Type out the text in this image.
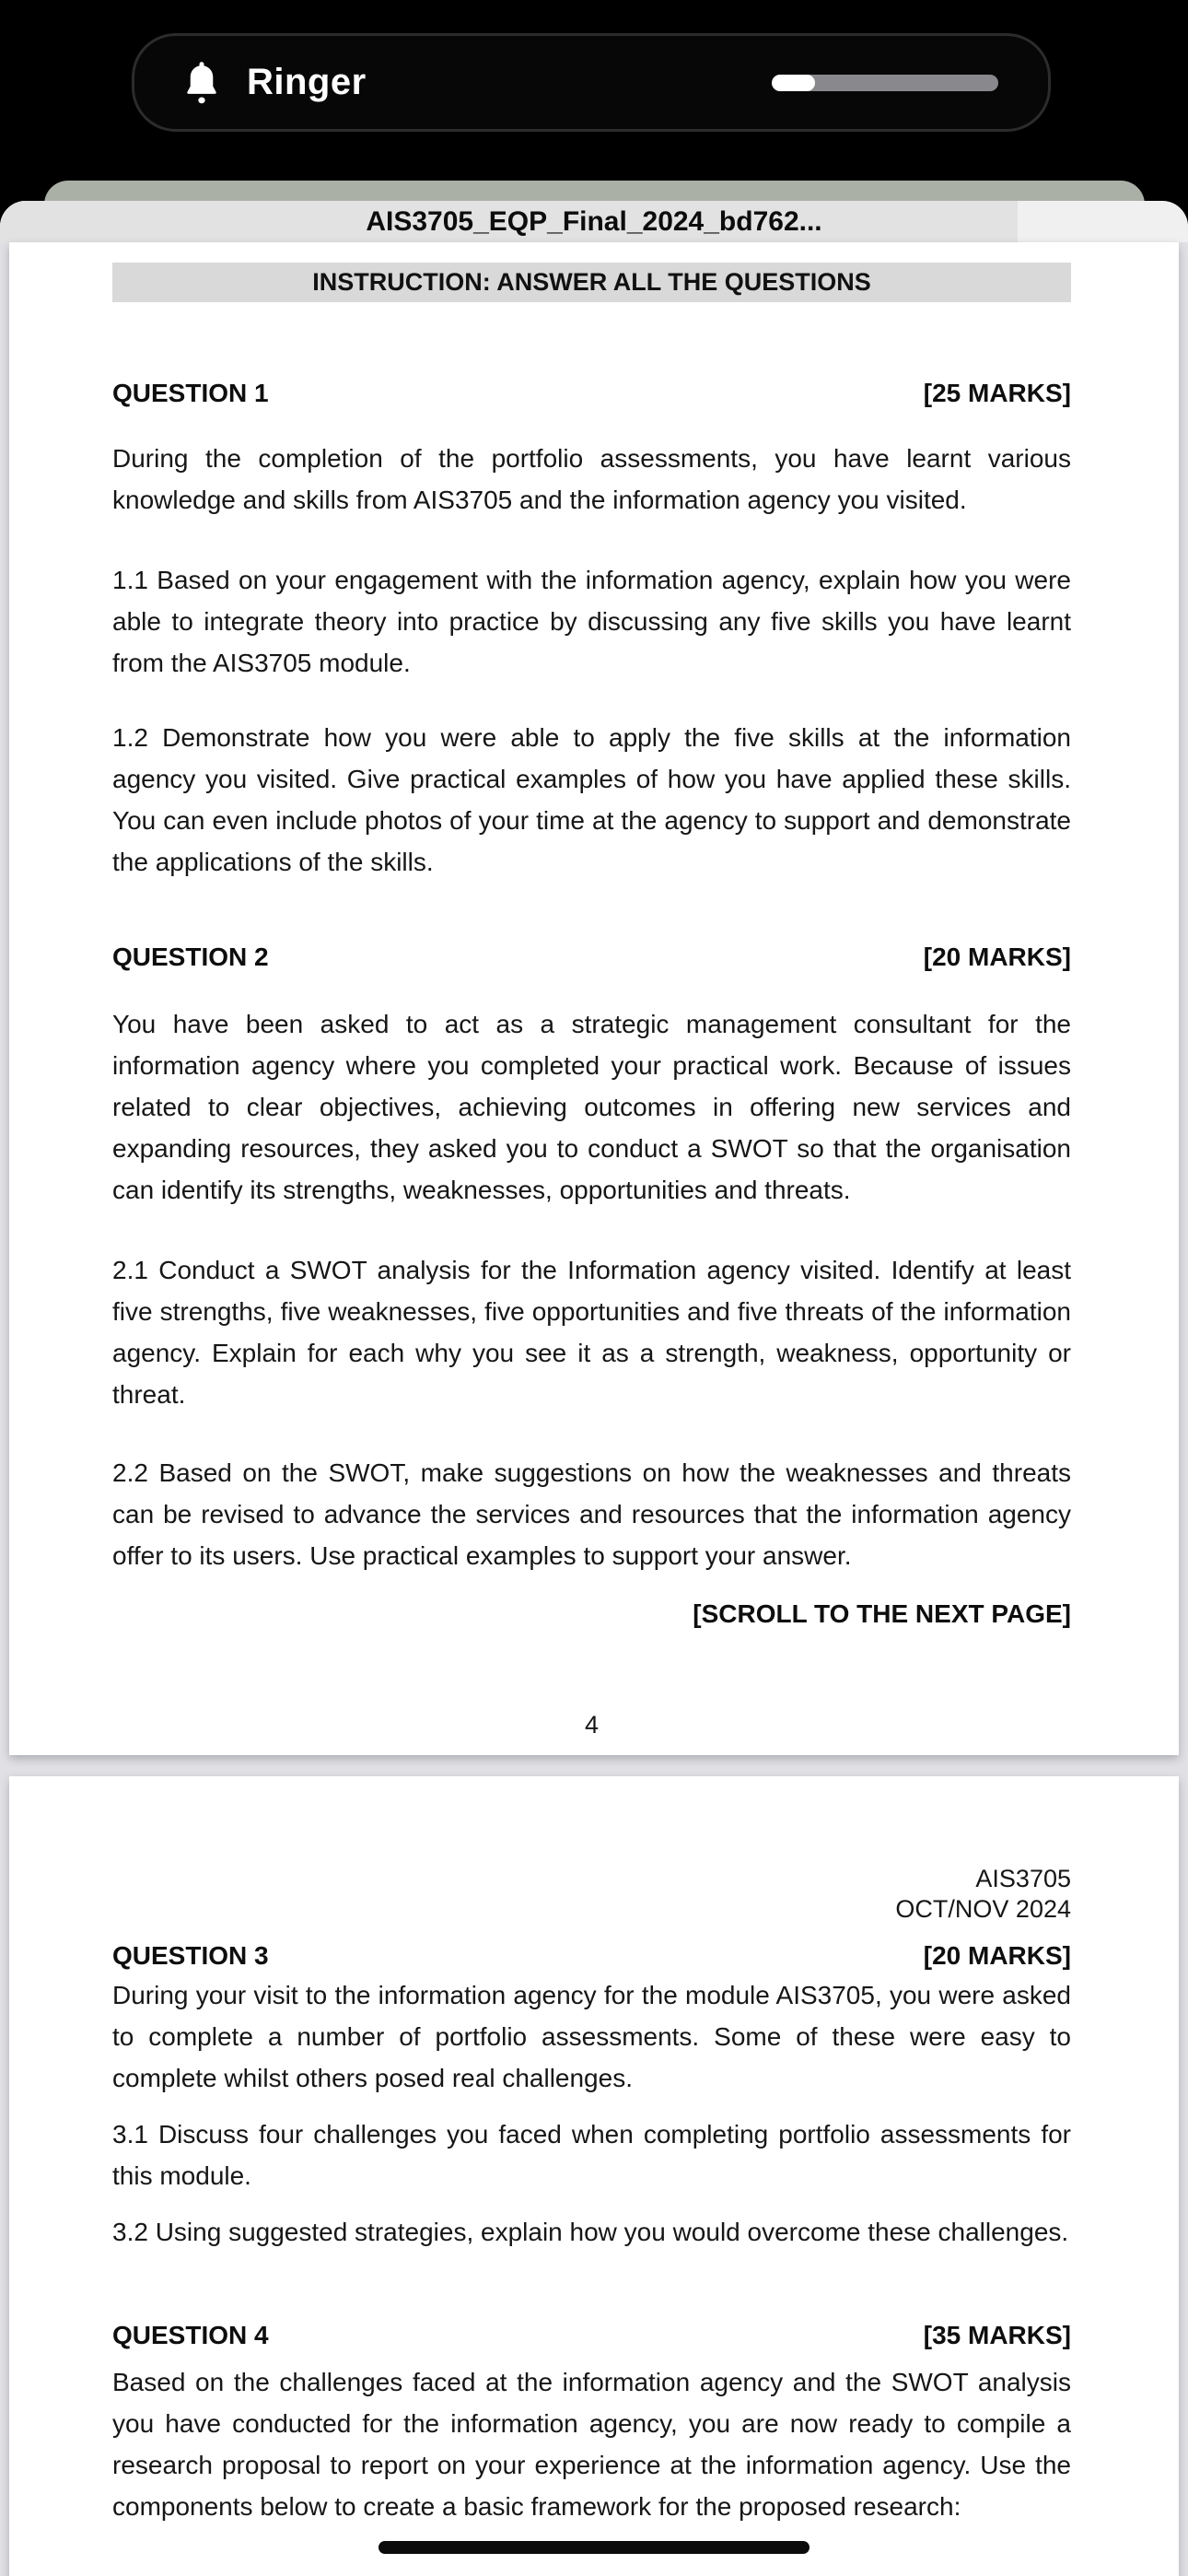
Ringer
AIS3705_EQP_Final_2024_bd762...
INSTRUCTION: ANSWER ALL THE QUESTIONS
QUESTION 1	[25 MARKS]

During the completion of the portfolio assessments, you have learnt various knowledge and skills from AIS3705 and the information agency you visited.

1.1 Based on your engagement with the information agency, explain how you were able to integrate theory into practice by discussing any five skills you have learnt from the AIS3705 module.

1.2 Demonstrate how you were able to apply the five skills at the information agency you visited. Give practical examples of how you have applied these skills. You can even include photos of your time at the agency to support and demonstrate the applications of the skills.

QUESTION 2	[20 MARKS]

You have been asked to act as a strategic management consultant for the information agency where you completed your practical work. Because of issues related to clear objectives, achieving outcomes in offering new services and expanding resources, they asked you to conduct a SWOT so that the organisation can identify its strengths, weaknesses, opportunities and threats.

2.1 Conduct a SWOT analysis for the Information agency visited. Identify at least five strengths, five weaknesses, five opportunities and five threats of the information agency. Explain for each why you see it as a strength, weakness, opportunity or threat.

2.2 Based on the SWOT, make suggestions on how the weaknesses and threats can be revised to advance the services and resources that the information agency offer to its users. Use practical examples to support your answer.

[SCROLL TO THE NEXT PAGE]
4
AIS3705
OCT/NOV 2024
QUESTION 3	[20 MARKS]

During your visit to the information agency for the module AIS3705, you were asked to complete a number of portfolio assessments. Some of these were easy to complete whilst others posed real challenges.

3.1 Discuss four challenges you faced when completing portfolio assessments for this module.

3.2 Using suggested strategies, explain how you would overcome these challenges.

QUESTION 4	[35 MARKS]

Based on the challenges faced at the information agency and the SWOT analysis you have conducted for the information agency, you are now ready to compile a research proposal to report on your experience at the information agency. Use the components below to create a basic framework for the proposed research:
